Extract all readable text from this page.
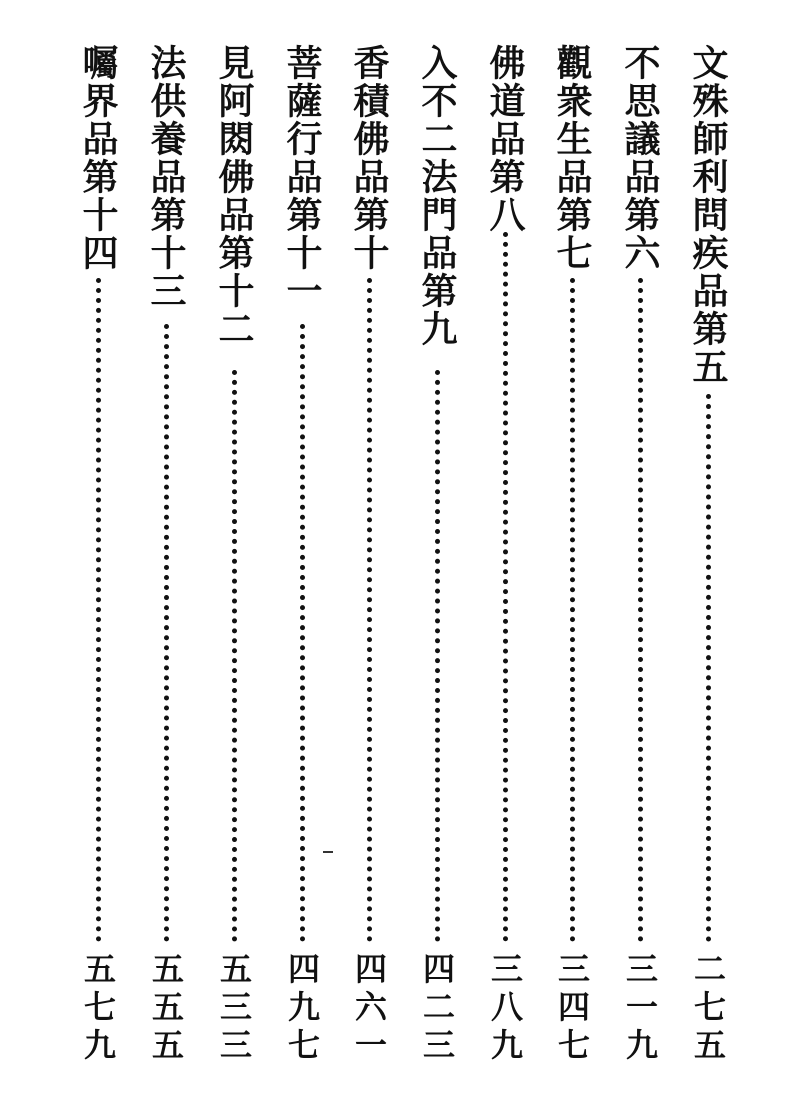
文殊師利問疾品第五
二七五
不思議品第六
三一九
觀衆生品第七
三四七
佛道品第八
三八九
入不二法門品第九
四二三
香積佛品第十
四六一
菩薩行品第十一
四九七
見阿閦佛品第十二
五三三
法供養品第十三
五五五
囑界品第十四
五七九
